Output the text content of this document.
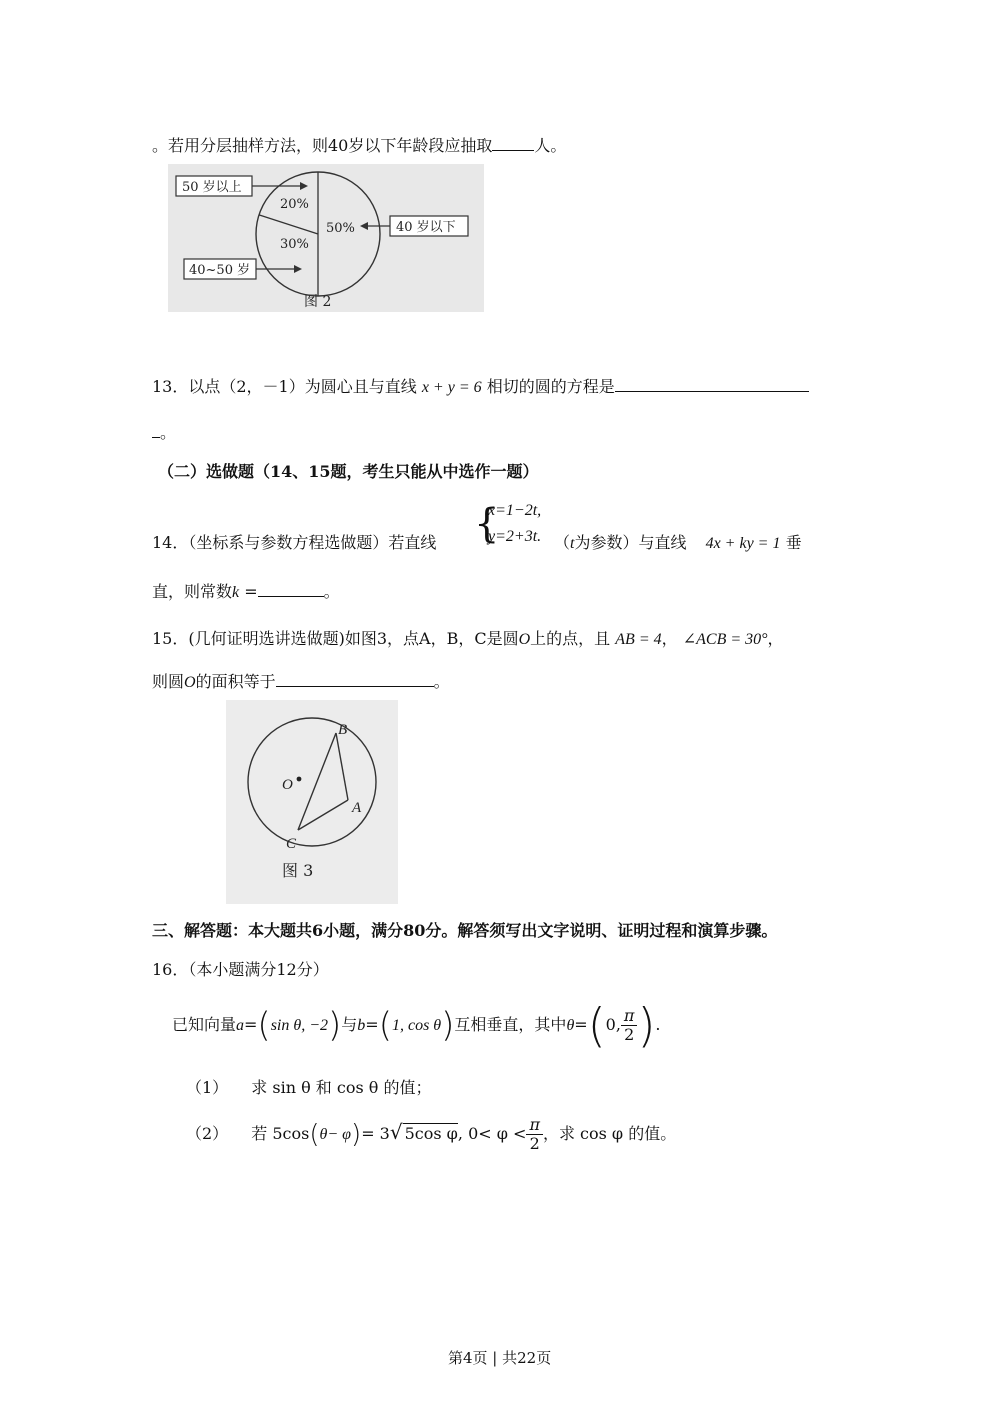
。若用分层抽样方法，则40岁以下年龄段应抽取	人。
50 岁以上
40~50 岁
40 岁以下
20%
30%
50%
图 2
13．以点（2，－1）为圆心且与直线 x + y = 6 相切的圆的方程是
。
（二）选做题（14、15题，考生只能从中选作一题）
{
x=1−2t,
y=2+3t.
14．（坐标系与参数方程选做题）若直线	（t为参数）与直线 4x + ky = 1 垂
直，则常数k =	。
15．(几何证明选讲选做题)如图3，点A，B，C是圆O上的点，且 AB = 4， ∠ACB = 30°，
则圆O的面积等于	。
B
A
C
O
图 3
三、解答题：本大题共6小题，满分80分。解答须写出文字说明、证明过程和演算步骤。
16．（本小题满分12分）
已知向量a=(sin θ, −2)与b=(1, cos θ)互相垂直，其中θ=(0, $\frac{\pi}{2}$ ).
（1） 求 sin θ 和 cos θ 的值；
（2） 若 5cos(θ− φ)= 3√ 5cos φ, $0< \varphi < \frac{\pi}{2}$ ，求 cos φ 的值。
第4页 | 共22页
